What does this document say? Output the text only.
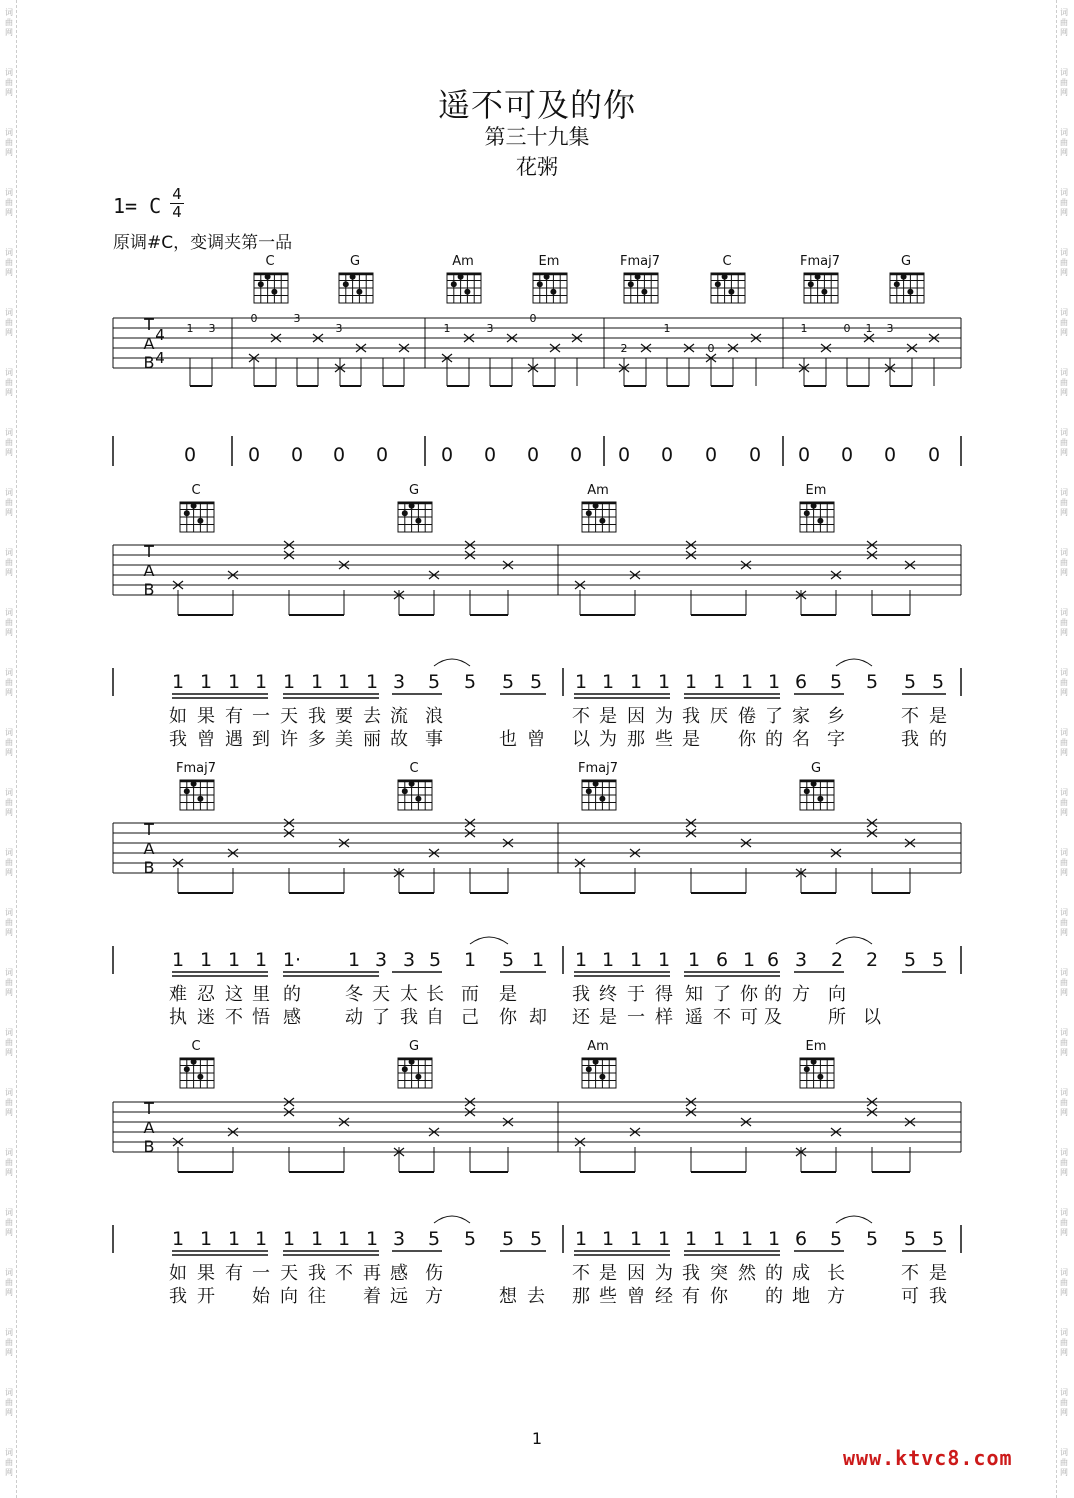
词
曲
网
词
曲
网
词
曲
网
词
曲
网
词
曲
网
词
曲
网
词
曲
网
词
曲
网
词
曲
网
词
曲
网
词
曲
网
词
曲
网
词
曲
网
词
曲
网
词
曲
网
词
曲
网
词
曲
网
词
曲
网
词
曲
网
词
曲
网
词
曲
网
词
曲
网
词
曲
网
词
曲
网
词
曲
网
词
曲
网
词
曲
网
词
曲
网
词
曲
网
词
曲
网
词
曲
网
词
曲
网
词
曲
网
词
曲
网
词
曲
网
词
曲
网
词
曲
网
词
曲
网
词
曲
网
词
曲
网
词
曲
网
词
曲
网
词
曲
网
词
曲
网
词
曲
网
词
曲
网
词
曲
网
词
曲
网
词
曲
网
词
曲
网
遥不可及的你
第三十九集
花粥
1= C 4
4
原调#C，变调夹第一品
C	G	Am	Em	Fmaj7	C	Fmaj7	G
T
A
B
4
4
1 3
0	3
3	1	3
0
2
1
0
1	0 1 3
0	0 0 0 0	0 0 0 0 0 0 0 0 0 0 0 0
C	G	Am	Em
T
A
B
1 1 1 1 1 1 1 1 3 5 5 5 5 1 1 1 1 1 1 1 1 6 5 5 5 5
如 果 有 一 天 我 要 去 流 浪	不 是 因 为 我 厌 倦 了 家 乡	不 是
我 曾 遇 到 许 多 美 丽 故 事	也 曾 以 为 那 些 是 你 的 名 字	我 的
Fmaj7	C	Fmaj7	G
T
A
B
1 1 1 1 1· 1 3 3 5 1 5 1 1 1 1 1 1 6 1 6 3 2 2 5 5
难 忍 这 里 的 冬 天 太 长 而 是	我 终 于 得 知 了 你 的 方 向
执 迷 不 悟 感 动 了 我 自 己 你 却 还 是 一 样 遥 不 可 及	所 以
C	G	Am	Em
T
A
B
1 1 1 1 1 1 1 1 3 5 5 5 5 1 1 1 1 1 1 1 1 6 5 5 5 5
如 果 有 一 天 我 不 再 感 伤	不 是 因 为 我 突 然 的 成 长	不 是
我 开 始 向 往 着 远 方	想 去 那 些 曾 经 有 你 的 地 方	可 我
1
www.ktvc8.com
